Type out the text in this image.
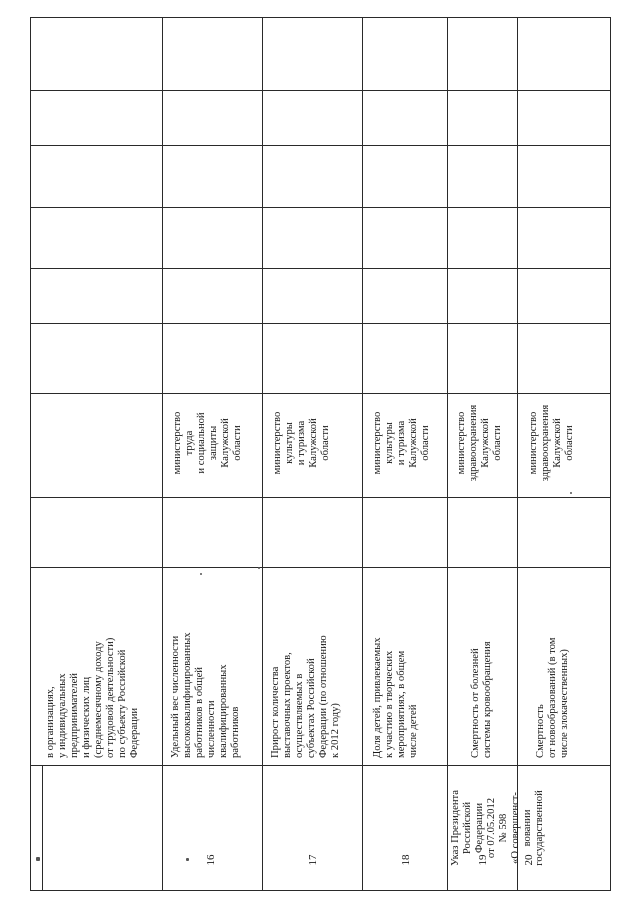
Указ Президента
Российской
Федерации
от 07.05.2012
№ 598
«О совершенст-
вовании
государственной
в организациях,
у индивидуальных
предпринимателей
и физических лиц
(среднемесячному доходу
от трудовой деятельности)
по субъекту Российской
Федерации
16
Удельный вес численности
высококвалифицированных
работников в общей
численности
квалифицированных
работников
министерство
труда
и социальной
защиты
Калужской
области
17
Прирост количества
выставочных проектов,
осуществляемых в
субъектах Российской
Федерации (по отношению
к 2012 году)
министерство
культуры
и туризма
Калужской
области
18
Доля детей, привлекаемых
к участию в творческих
мероприятиях, в общем
числе детей
министерство
культуры
и туризма
Калужской
области
19
Смертность от болезней
системы кровообращения
министерство
здравоохранения
Калужской
области
20
Смертность
от новообразований (в том
числе злокачественных)
министерство
здравоохранения
Калужской
области
